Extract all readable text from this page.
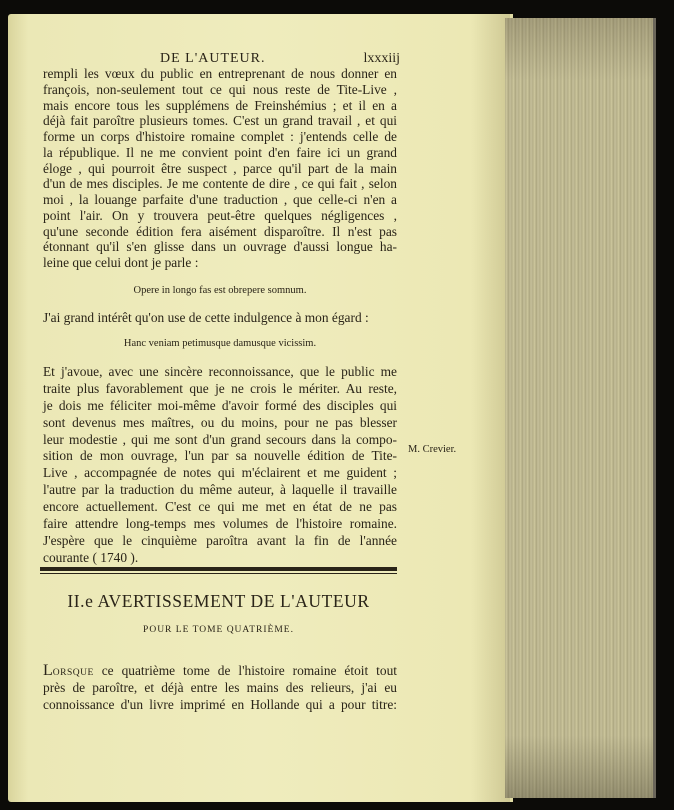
DE L'AUTEUR.	lxxxiij
rempli les vœux du public en entreprenant de nous donner en
françois, non-seulement tout ce qui nous reste de Tite-Live ,
mais encore tous les supplémens de Freinshémius ; et il en a
déjà fait paroître plusieurs tomes. C'est un grand travail , et qui
forme un corps d'histoire romaine complet : j'entends celle de
la république. Il ne me convient point d'en faire ici un grand
éloge , qui pourroit être suspect , parce qu'il part de la main
d'un de mes disciples. Je me contente de dire , ce qui fait , selon
moi , la louange parfaite d'une traduction , que celle-ci n'en a
point l'air. On y trouvera peut-être quelques négligences ,
qu'une seconde édition fera aisément disparoître. Il n'est pas
étonnant qu'il s'en glisse dans un ouvrage d'aussi longue ha-
leine que celui dont je parle :
Opere in longo fas est obrepere somnum.
J'ai grand intérêt qu'on use de cette indulgence à mon égard :
Hanc veniam petimusque damusque vicissim.
Et j'avoue, avec une sincère reconnoissance, que le public me
traite plus favorablement que je ne crois le mériter. Au reste,
je dois me féliciter moi-même d'avoir formé des disciples qui
sont devenus mes maîtres, ou du moins, pour ne pas blesser
leur modestie , qui me sont d'un grand secours dans la compo-
sition de mon ouvrage, l'un par sa nouvelle édition de Tite-
Live , accompagnée de notes qui m'éclairent et me guident ;
l'autre par la traduction du même auteur, à laquelle il travaille
encore actuellement. C'est ce qui me met en état de ne pas
faire attendre long-temps mes volumes de l'histoire romaine.
J'espère que le cinquième paroîtra avant la fin de l'année
courante ( 1740 ).
M. Crevier.
II.e AVERTISSEMENT DE L'AUTEUR
POUR LE TOME QUATRIÈME.
LORSQUE ce quatrième tome de l'histoire romaine étoit tout
près de paroître, et déjà entre les mains des relieurs, j'ai eu
connoissance d'un livre imprimé en Hollande qui a pour titre:
